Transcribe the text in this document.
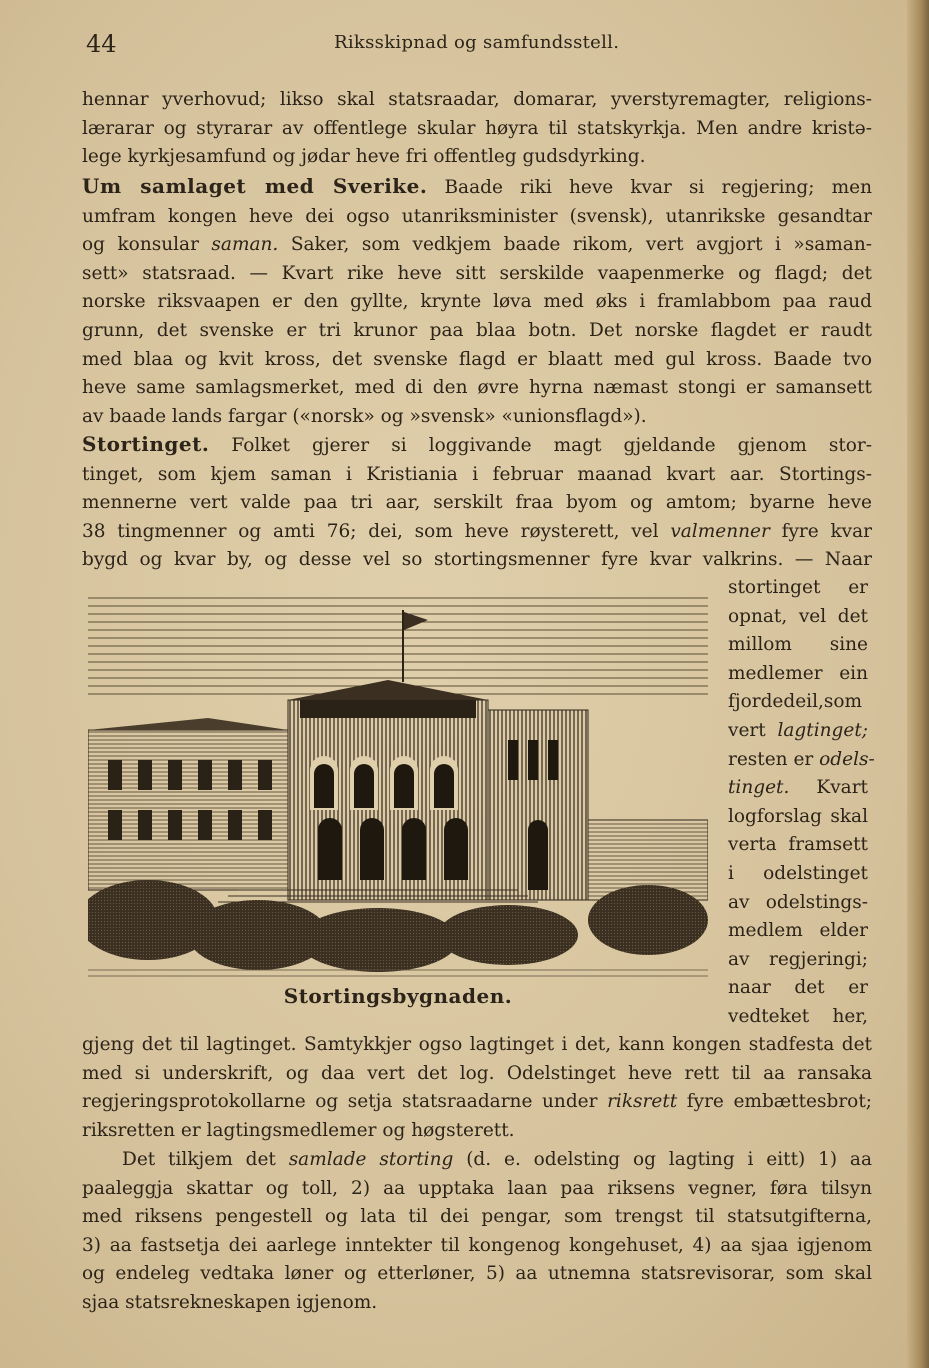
44	Riksskipnad og samfundsstell.
hennar yverhovud; likso skal statsraadar, domarar, yverstyremagter, religions-
lærarar og styrarar av offentlege skular høyra til statskyrkja. Men andre kristə-
lege kyrkjesamfund og jødar heve fri offentleg gudsdyrking.
Um samlaget med Sverike. Baade riki heve kvar si regjering; men
umfram kongen heve dei ogso utanriksminister (svensk), utanrikske gesandtar
og konsular saman. Saker, som vedkjem baade rikom, vert avgjort i »saman-
sett» statsraad. — Kvart rike heve sitt serskilde vaapenmerke og flagd; det
norske riksvaapen er den gyllte, krynte løva med øks i framlabbom paa raud
grunn, det svenske er tri krunor paa blaa botn. Det norske flagdet er raudt
med blaa og kvit kross, det svenske flagd er blaatt med gul kross. Baade tvo
heve same samlagsmerket, med di den øvre hyrna næmast stongi er samansett
av baade lands fargar («norsk» og »svensk» «unionsflagd»).
Stortinget. Folket gjerer si loggivande magt gjeldande gjenom stor-
tinget, som kjem saman i Kristiania i februar maanad kvart aar. Stortings-
mennerne vert valde paa tri aar, serskilt fraa byom og amtom; byarne heve
38 tingmenner og amti 76; dei, som heve røysterett, vel valmenner fyre kvar
bygd og kvar by, og desse vel so stortingsmenner fyre kvar valkrins. — Naar
stortinget er
opnat, vel det
millom sine
medlemer ein
fjordedeil,som
vert lagtinget;
resten er odels-
tinget. Kvart
logforslag skal
verta framsett
i odelstinget
av odelstings-
medlem elder
av regjeringi;
naar det er
vedteket her,
Stortingsbygnaden.
gjeng det til lagtinget. Samtykkjer ogso lagtinget i det, kann kongen stadfesta det
med si underskrift, og daa vert det log. Odelstinget heve rett til aa ransaka
regjeringsprotokollarne og setja statsraadarne under riksrett fyre embættesbrot;
riksretten er lagtingsmedlemer og høgsterett.
Det tilkjem det samlade storting (d. e. odelsting og lagting i eitt) 1) aa
paaleggja skattar og toll, 2) aa upptaka laan paa riksens vegner, føra tilsyn
med riksens pengestell og lata til dei pengar, som trengst til statsutgifterna,
3) aa fastsetja dei aarlege inntekter til kongenog kongehuset, 4) aa sjaa igjenom
og endeleg vedtaka løner og etterløner, 5) aa utnemna statsrevisorar, som skal
sjaa statsrekneskapen igjenom.
